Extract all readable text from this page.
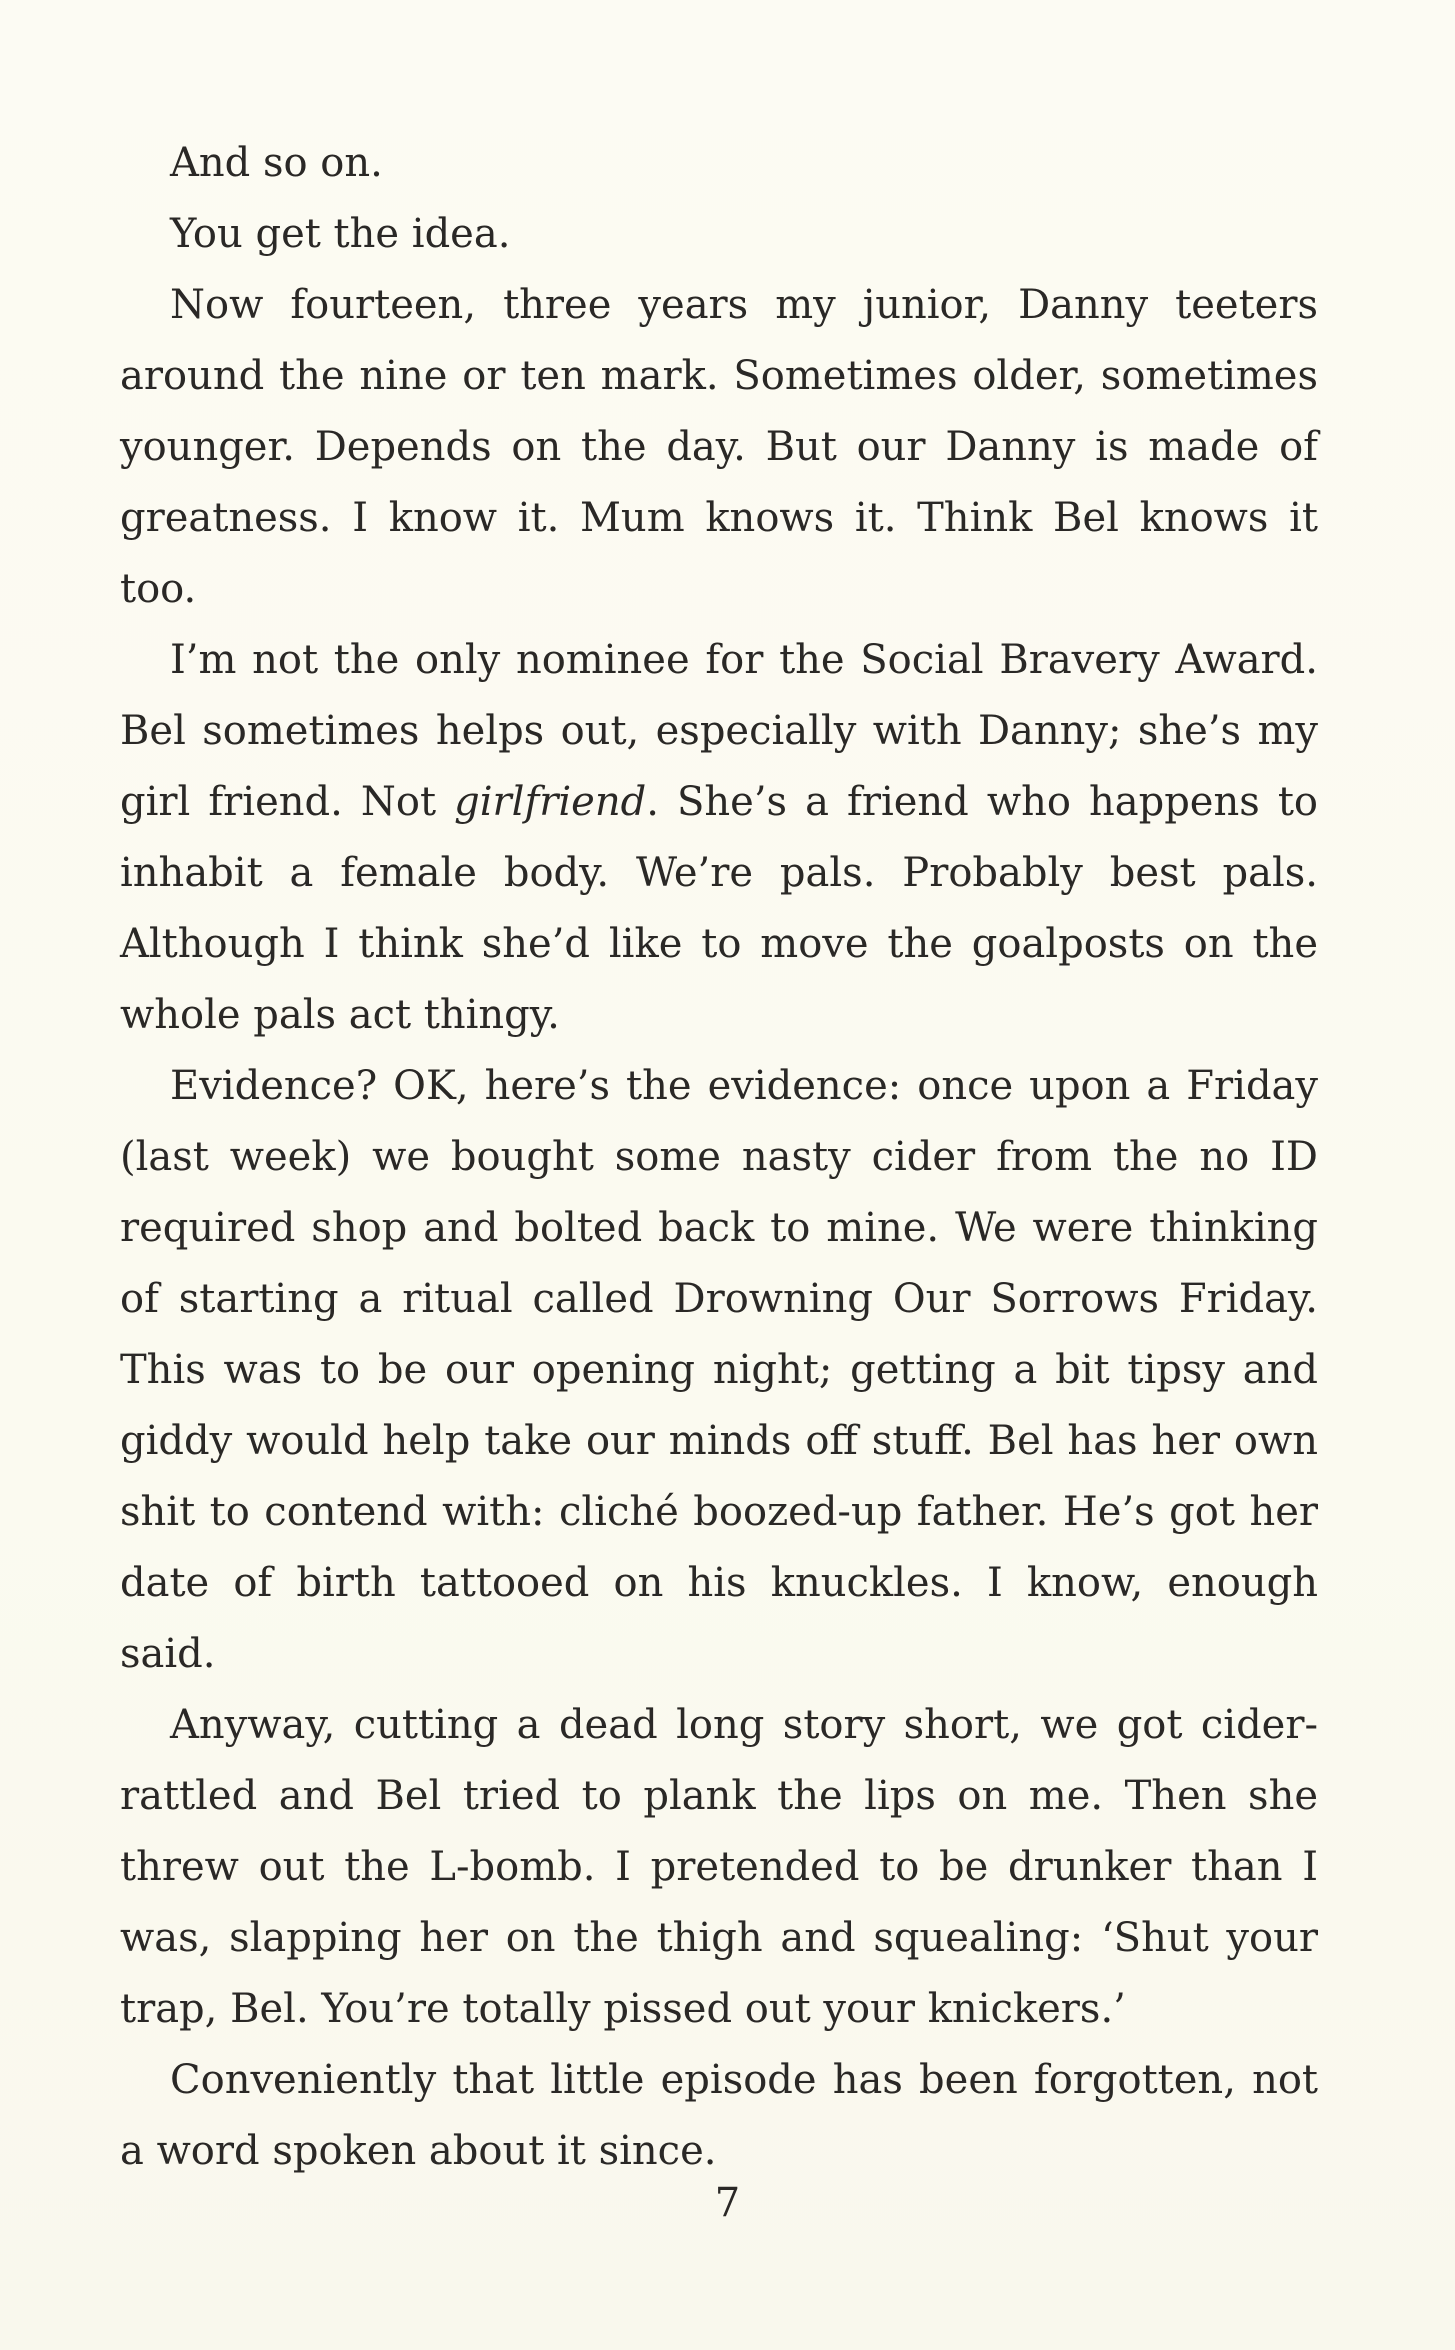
And so on.

You get the idea.

Now fourteen, three years my junior, Danny teeters around the nine or ten mark. Sometimes older, sometimes younger. Depends on the day. But our Danny is made of greatness. I know it. Mum knows it. Think Bel knows it too.

I’m not the only nominee for the Social Bravery Award. Bel sometimes helps out, especially with Danny; she’s my girl friend. Not girlfriend. She’s a friend who happens to inhabit a female body. We’re pals. Probably best pals. Although I think she’d like to move the goalposts on the whole pals act thingy.

Evidence? OK, here’s the evidence: once upon a Friday (last week) we bought some nasty cider from the no ID required shop and bolted back to mine. We were thinking of starting a ritual called Drowning Our Sorrows Friday. This was to be our opening night; getting a bit tipsy and giddy would help take our minds off stuff. Bel has her own shit to contend with: cliché boozed-up father. He’s got her date of birth tattooed on his knuckles. I know, enough said.

Anyway, cutting a dead long story short, we got cider-rattled and Bel tried to plank the lips on me. Then she threw out the L-bomb. I pretended to be drunker than I was, slapping her on the thigh and squealing: ‘Shut your trap, Bel. You’re totally pissed out your knickers.’

Conveniently that little episode has been forgotten, not a word spoken about it since.

7
